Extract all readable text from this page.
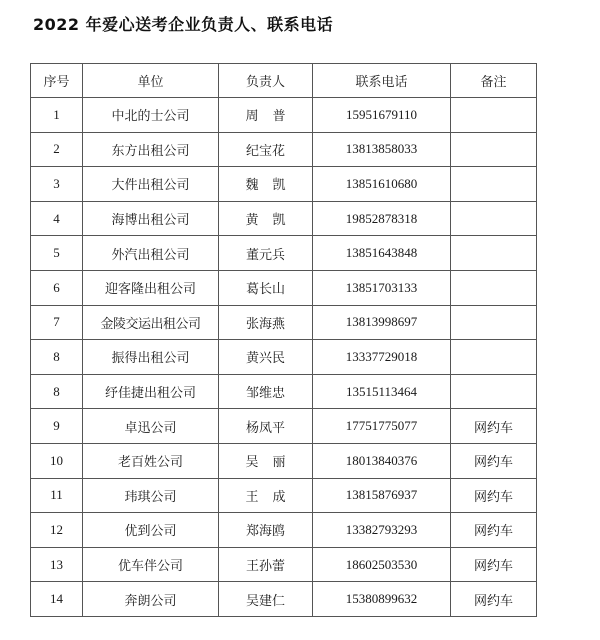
2022 年爱心送考企业负责人、联系电话
序号	单位	负责人	联系电话	备注
1	中北的士公司	周普	15951679110	
2	东方出租公司	纪宝花	13813858033	
3	大件出租公司	魏凯	13851610680	
4	海博出租公司	黄凯	19852878318	
5	外汽出租公司	董元兵	13851643848	
6	迎客隆出租公司	葛长山	13851703133	
7	金陵交运出租公司	张海燕	13813998697	
8	振得出租公司	黄兴民	13337729018	
8	纾佳捷出租公司	邹维忠	13515113464	
9	卓迅公司	杨凤平	17751775077	网约车
10	老百姓公司	吴丽	18013840376	网约车
11	玮琪公司	王成	13815876937	网约车
12	优到公司	郑海鸥	13382793293	网约车
13	优车伴公司	王孙蕾	18602503530	网约车
14	奔朗公司	吴建仁	15380899632	网约车
